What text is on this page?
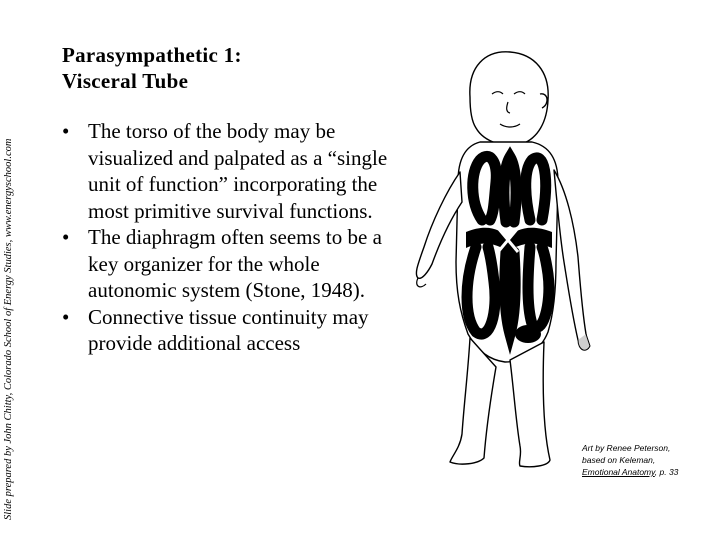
Slide prepared by John Chitty, Colorado School of Energy Studies, www.energyschool.com
Parasympathetic 1:
Visceral Tube
• The torso of the body may be visualized and palpated as a “single unit of function” incorporating the most primitive survival functions.
• The diaphragm often seems to be a key organizer for the whole autonomic system (Stone, 1948).
• Connective tissue continuity may provide additional access
Art by Renee Peterson,
based on Keleman,
Emotional Anatomy, p. 33
